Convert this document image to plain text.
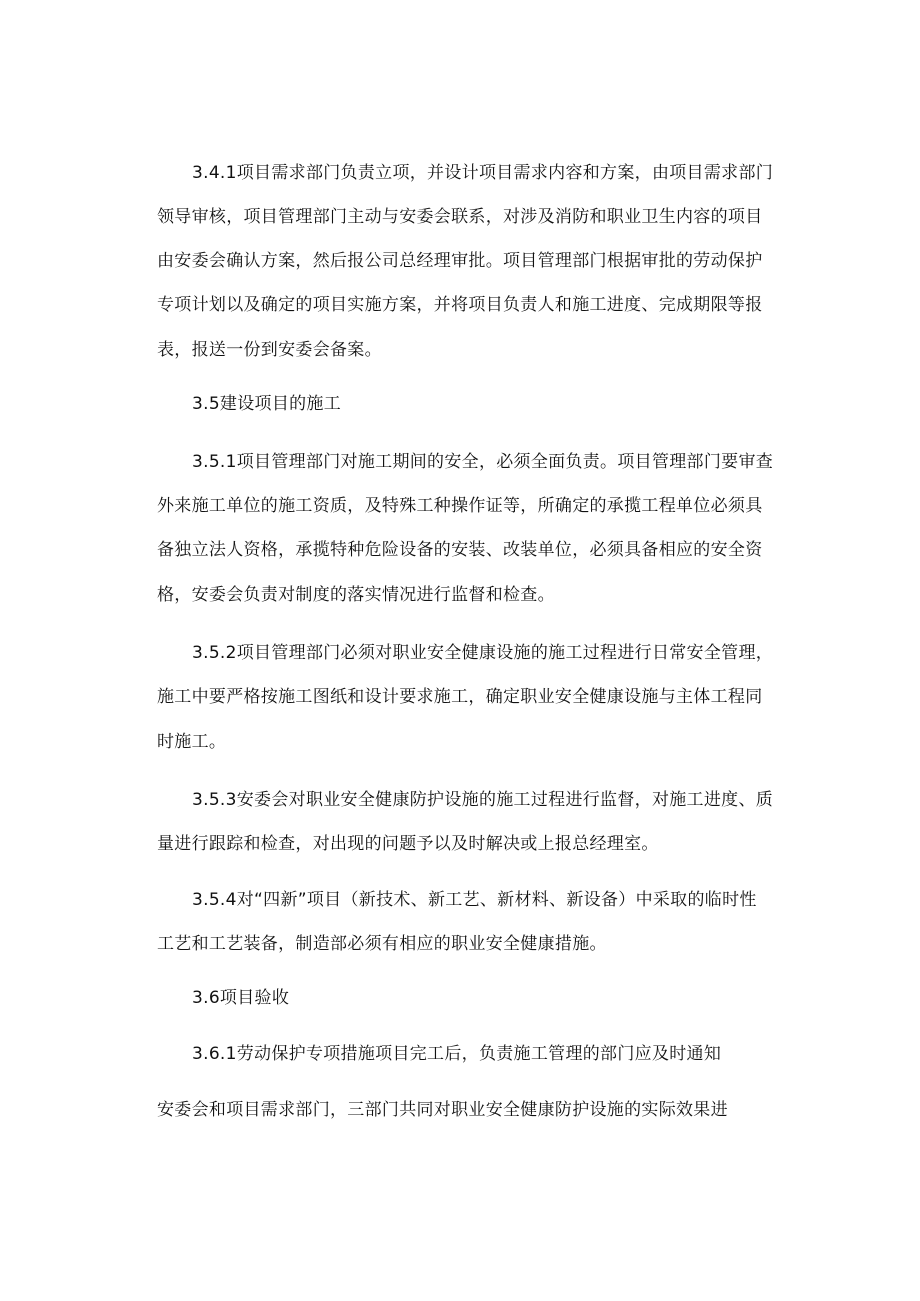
3.4.1项目需求部门负责立项，并设计项目需求内容和方案，由项目需求部门
领导审核，项目管理部门主动与安委会联系，对涉及消防和职业卫生内容的项目
由安委会确认方案，然后报公司总经理审批。项目管理部门根据审批的劳动保护
专项计划以及确定的项目实施方案，并将项目负责人和施工进度、完成期限等报
表，报送一份到安委会备案。
3.5建设项目的施工
3.5.1项目管理部门对施工期间的安全，必须全面负责。项目管理部门要审查
外来施工单位的施工资质，及特殊工种操作证等，所确定的承揽工程单位必须具
备独立法人资格，承揽特种危险设备的安装、改装单位，必须具备相应的安全资
格，安委会负责对制度的落实情况进行监督和检查。
3.5.2项目管理部门必须对职业安全健康设施的施工过程进行日常安全管理，
施工中要严格按施工图纸和设计要求施工，确定职业安全健康设施与主体工程同
时施工。
3.5.3安委会对职业安全健康防护设施的施工过程进行监督，对施工进度、质
量进行跟踪和检查，对出现的问题予以及时解决或上报总经理室。
3.5.4对“四新”项目（新技术、新工艺、新材料、新设备）中采取的临时性
工艺和工艺装备，制造部必须有相应的职业安全健康措施。
3.6项目验收
3.6.1劳动保护专项措施项目完工后，负责施工管理的部门应及时通知
安委会和项目需求部门，三部门共同对职业安全健康防护设施的实际效果进
